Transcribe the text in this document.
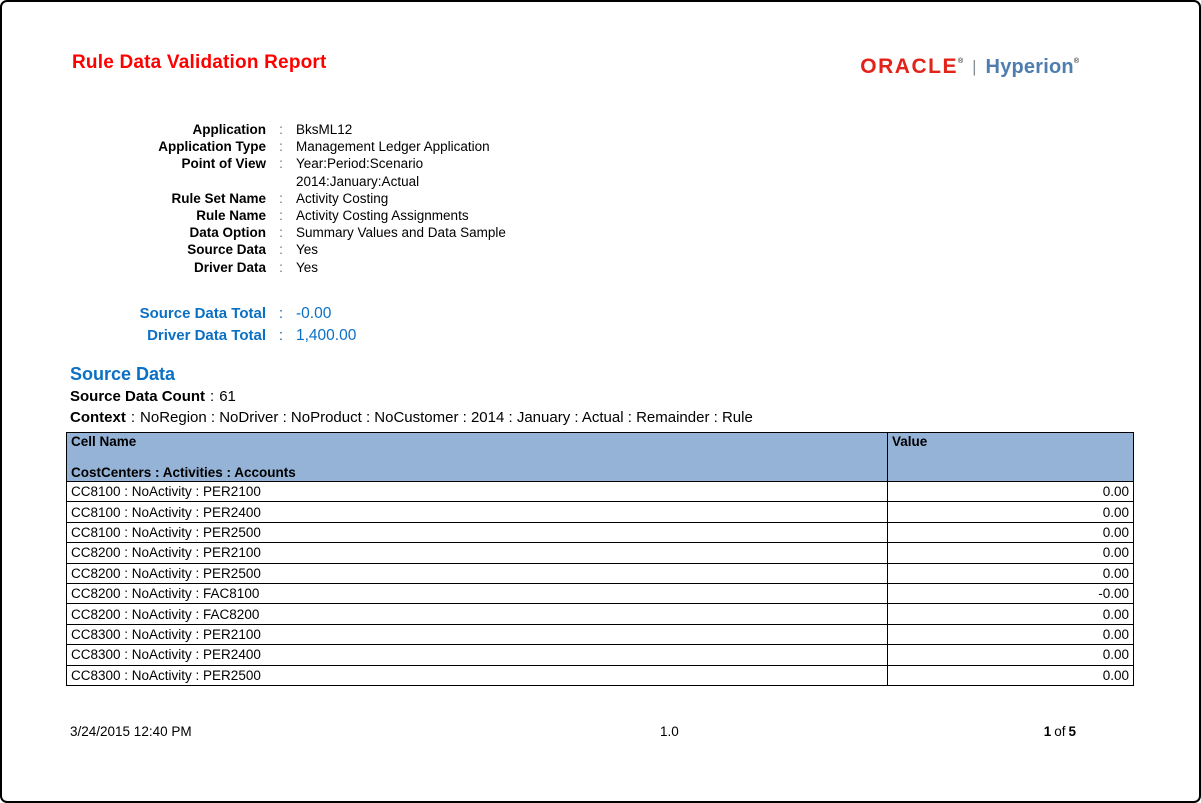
Rule Data Validation Report	ORACLE ® | Hyperion ®
Application : BksML12
Application Type : Management Ledger Application
Point of View : Year:Period:Scenario
2014:January:Actual
Rule Set Name : Activity Costing
Rule Name : Activity Costing Assignments
Data Option : Summary Values and Data Sample
Source Data : Yes
Driver Data : Yes
Source Data Total : -0.00
Driver Data Total : 1,400.00
Source Data
Source Data Count : 61
Context : NoRegion : NoDriver : NoProduct : NoCustomer : 2014 : January : Actual : Remainder : Rule
Cell Name
CostCenters : Activities : Accounts	Value
CC8100 : NoActivity : PER2100	0.00
CC8100 : NoActivity : PER2400	0.00
CC8100 : NoActivity : PER2500	0.00
CC8200 : NoActivity : PER2100	0.00
CC8200 : NoActivity : PER2500	0.00
CC8200 : NoActivity : FAC8100	-0.00
CC8200 : NoActivity : FAC8200	0.00
CC8300 : NoActivity : PER2100	0.00
CC8300 : NoActivity : PER2400	0.00
CC8300 : NoActivity : PER2500	0.00
3/24/2015 12:40 PM	1.0	1 of 5
